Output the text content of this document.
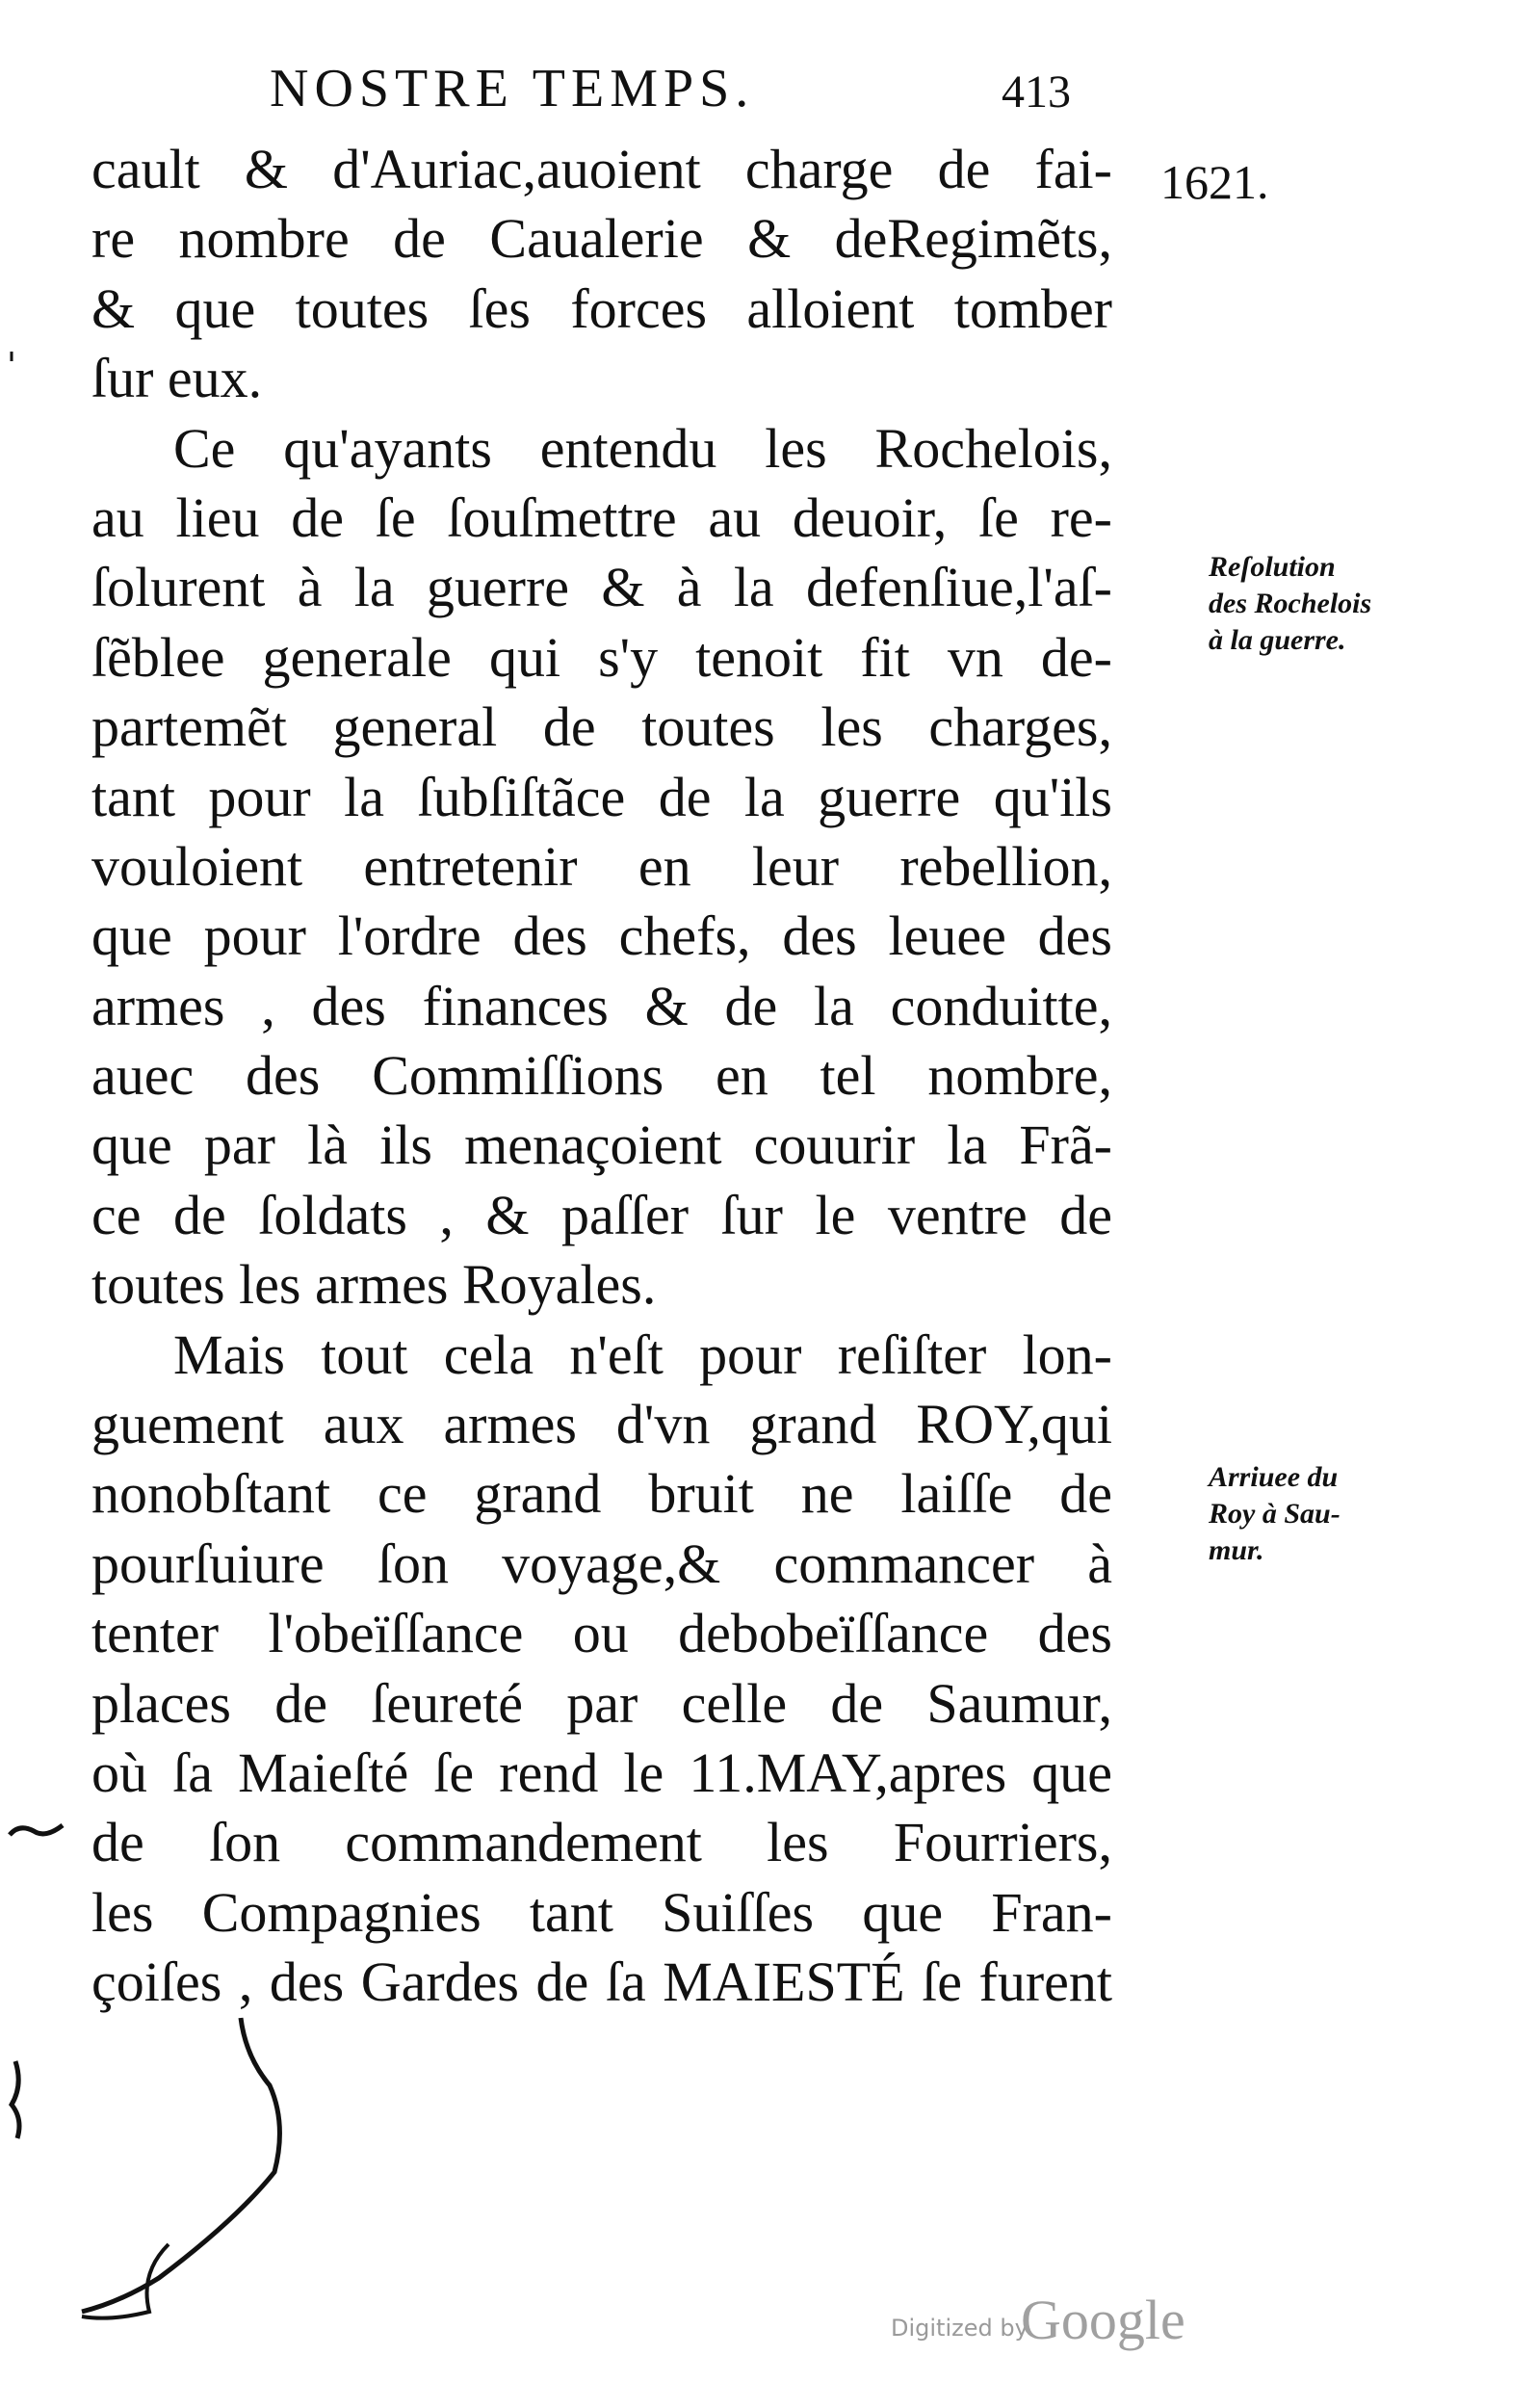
NOSTRE TEMPS.	413
1621.
cault & d'Auriac,auoient charge de fai-
re nombre de Caualerie & deRegimẽts,
& que toutes ſes forces alloient tomber
ſur eux.
Ce qu'ayants entendu les Rochelois,
au lieu de ſe ſouſmettre au deuoir, ſe re-
ſolurent à la guerre & à la defenſiue,l'aſ-
ſẽblee generale qui s'y tenoit fit vn de-
partemẽt general de toutes les charges,
tant pour la ſubſiſtãce de la guerre qu'ils
vouloient entretenir en leur rebellion,
que pour l'ordre des chefs, des leuee des
armes , des finances & de la conduitte,
auec des Commiſſions en tel nombre,
que par là ils menaçoient couurir la Frã-
ce de ſoldats , & paſſer ſur le ventre de
toutes les armes Royales.
Mais tout cela n'eſt pour reſiſter lon-
guement aux armes d'vn grand ROY,qui
nonobſtant ce grand bruit ne laiſſe de
pourſuiure ſon voyage,& commancer à
tenter l'obeïſſance ou debobeïſſance des
places de ſeureté par celle de Saumur,
où ſa Maieſté ſe rend le 11.MAY,apres que
de ſon commandement les Fourriers,
les Compagnies tant Suiſſes que Fran-
çoiſes , des Gardes de ſa MAIESTÉ ſe furent
Reſolution
des Rochelois
à la guerre.
Arriuee du
Roy à Sau-
mur.
Digitized by
Google
